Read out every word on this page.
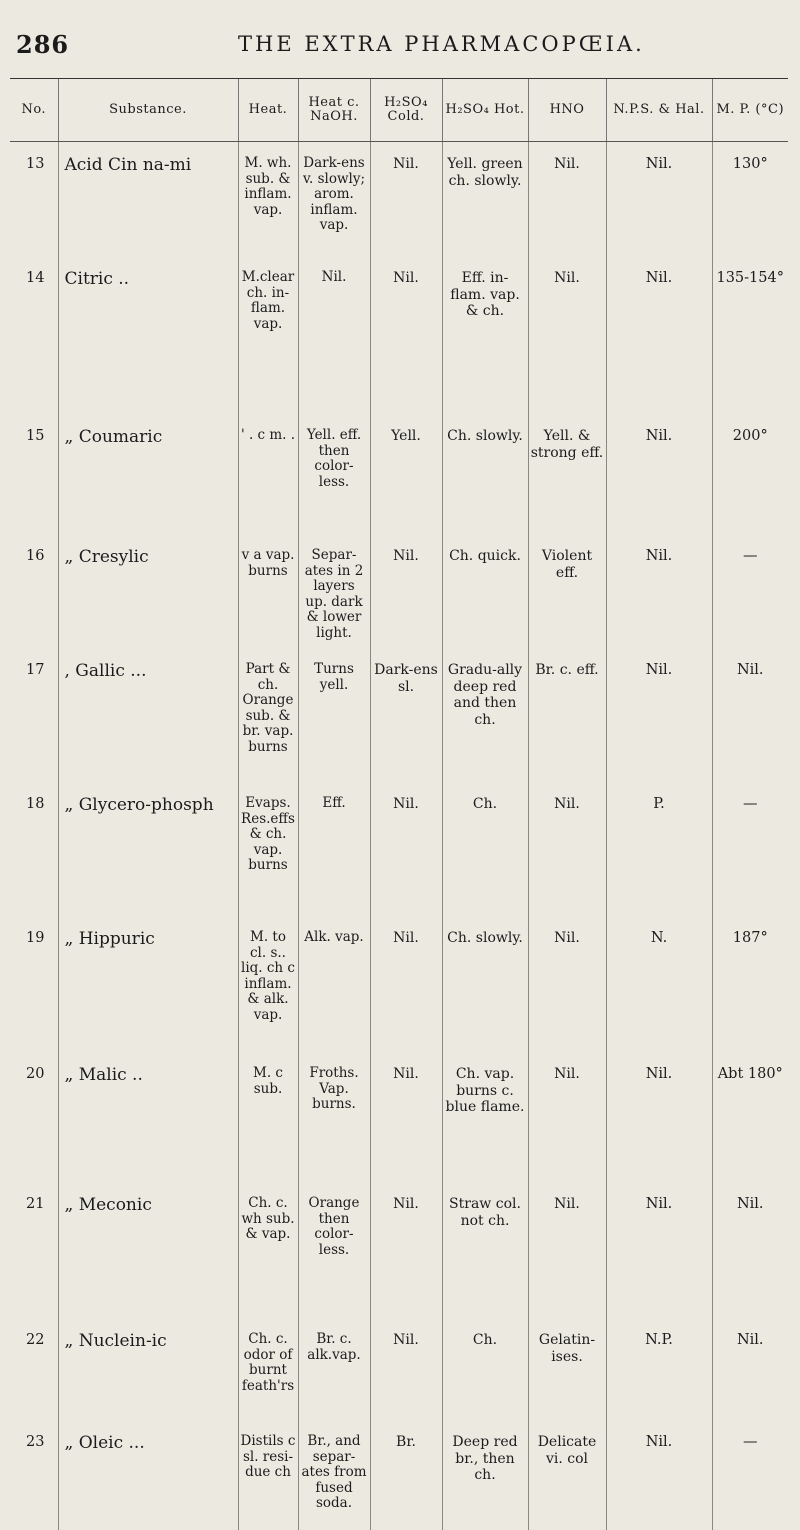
286	THE EXTRA PHARMACOPŒIA.
No.	Substance.	Heat.	Heat c. NaOH.	H₂SO₄ Cold.	H₂SO₄ Hot.	HNO	N.P.S. & Hal.	M. P. (°C)
13	Acid Cin na-mi	M. wh. sub. & inflam. vap.	Dark-ens v. slowly; arom. inflam. vap.	Nil.	Yell. green ch. slowly.	Nil.	Nil.	130°
14	Citric ..	M.clear ch. in-flam. vap.	Nil.	Nil.	Eff. in-flam. vap. & ch.	Nil.	Nil.	135-154°
15	„ Coumaric	' . c m. .	Yell. eff. then color-less.	Yell.	Ch. slowly.	Yell. & strong eff.	Nil.	200°
16	„ Cresylic	v a vap. burns	Separ-ates in 2 layers up. dark & lower light.	Nil.	Ch. quick.	Violent eff.	Nil.	—
17	, Gallic ...	Part & ch. Orange sub. & br. vap. burns	Turns yell.	Dark-ens sl.	Gradu-ally deep red and then ch.	Br. c. eff.	Nil.	Nil.
18	„ Glycero-phosph	Evaps. Res.effs & ch. vap. burns	Eff.	Nil.	Ch.	Nil.	P.	—
19	„ Hippuric	M. to cl. s.. liq. ch c inflam. & alk. vap.	Alk. vap.	Nil.	Ch. slowly.	Nil.	N.	187°
20	„ Malic ..	M. c sub.	Froths. Vap. burns.	Nil.	Ch. vap. burns c. blue flame.	Nil.	Nil.	Abt 180°
21	„ Meconic	Ch. c. wh sub. & vap.	Orange then color-less.	Nil.	Straw col. not ch.	Nil.	Nil.	Nil.
22	„ Nuclein-ic	Ch. c. odor of burnt feath'rs	Br. c. alk.vap.	Nil.	Ch.	Gelatin-ises.	N.P.	Nil.
23	„ Oleic ...	Distils c sl. resi-due ch	Br., and separ-ates from fused soda.	Br.	Deep red br., then ch.	Delicate vi. col	Nil.	—
